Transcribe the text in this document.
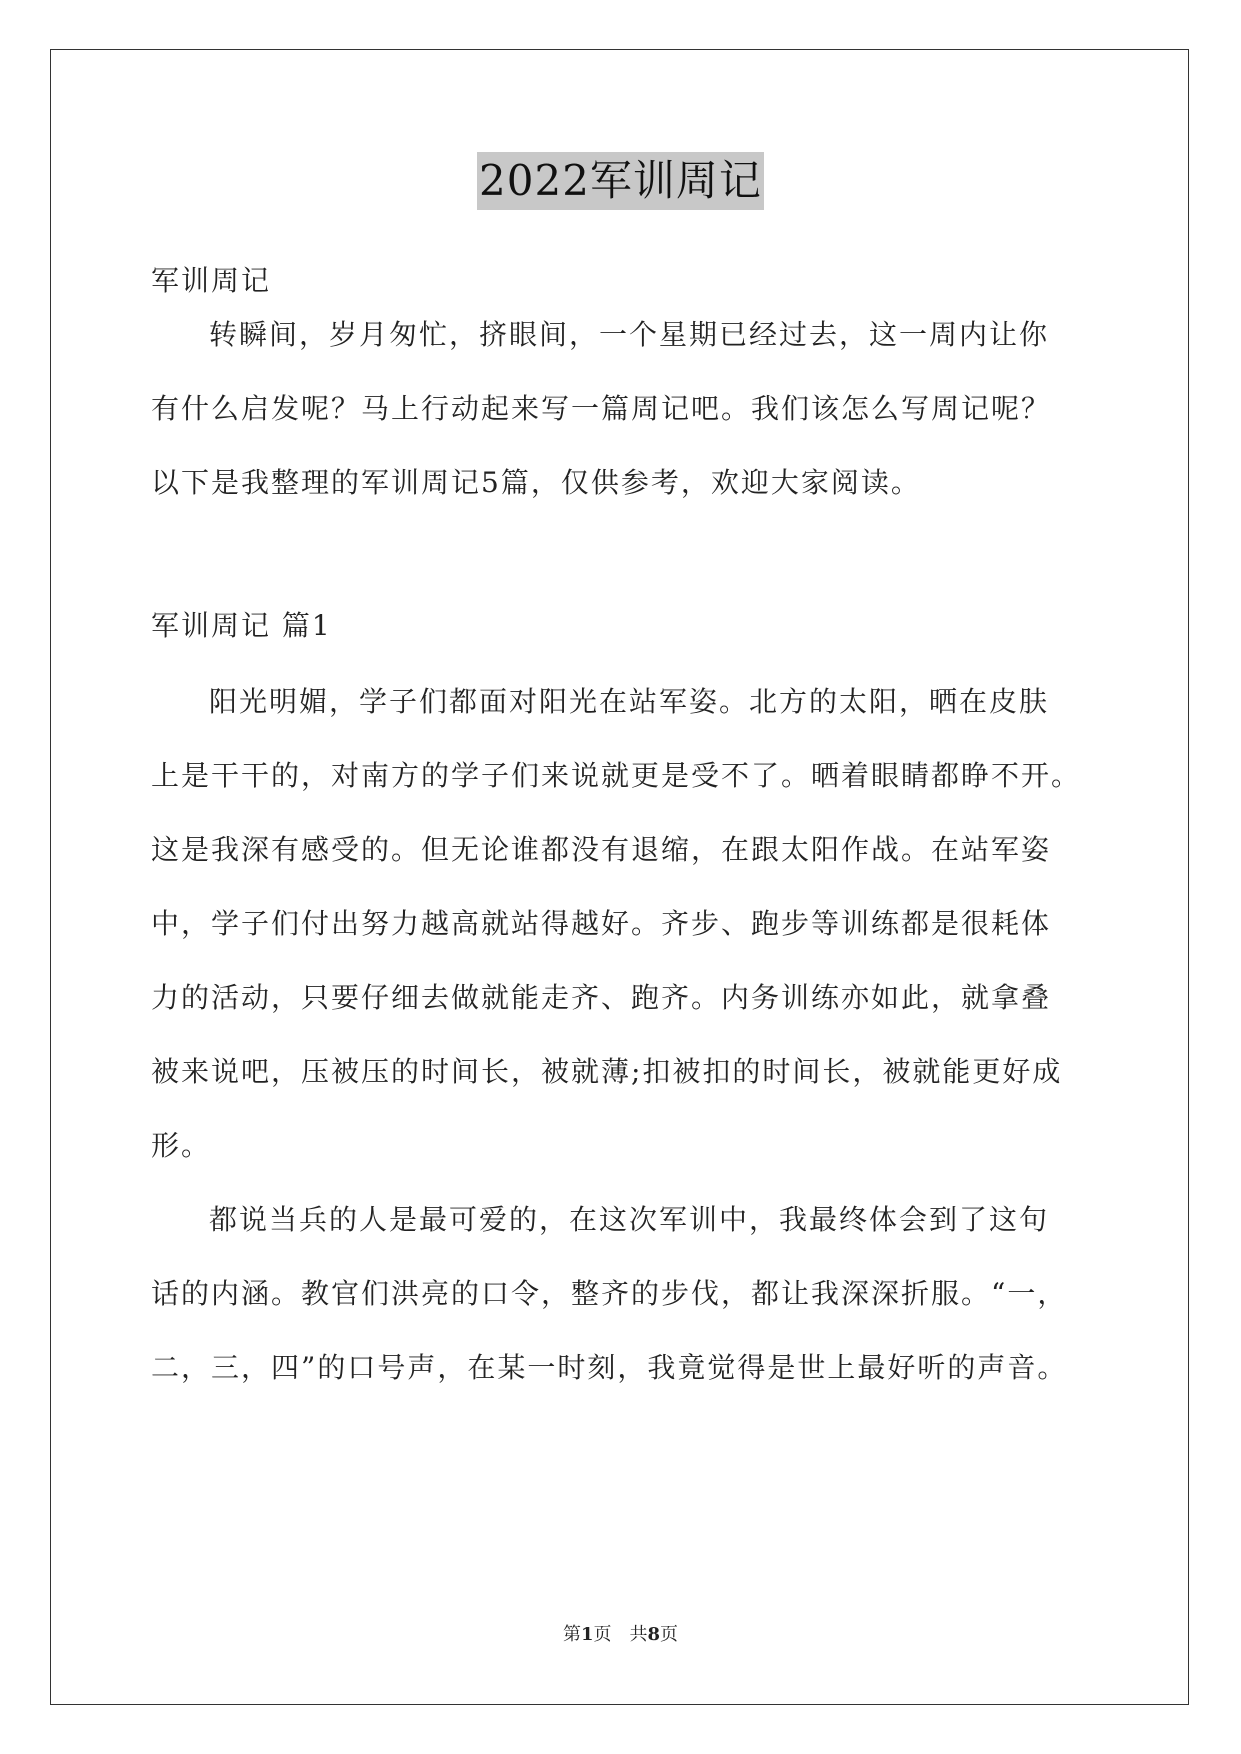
2022军训周记
军训周记
转瞬间，岁月匆忙，挤眼间，一个星期已经过去，这一周内让你
有什么启发呢？马上行动起来写一篇周记吧。我们该怎么写周记呢？
以下是我整理的军训周记5篇，仅供参考，欢迎大家阅读。
军训周记 篇1
阳光明媚，学子们都面对阳光在站军姿。北方的太阳，晒在皮肤
上是干干的，对南方的学子们来说就更是受不了。晒着眼睛都睁不开。
这是我深有感受的。但无论谁都没有退缩，在跟太阳作战。在站军姿
中，学子们付出努力越高就站得越好。齐步、跑步等训练都是很耗体
力的活动，只要仔细去做就能走齐、跑齐。内务训练亦如此，就拿叠
被来说吧，压被压的时间长，被就薄;扣被扣的时间长，被就能更好成
形。
都说当兵的人是最可爱的，在这次军训中，我最终体会到了这句
话的内涵。教官们洪亮的口令，整齐的步伐，都让我深深折服。“一，
二，三，四”的口号声，在某一时刻，我竟觉得是世上最好听的声音。
第1页　共8页
